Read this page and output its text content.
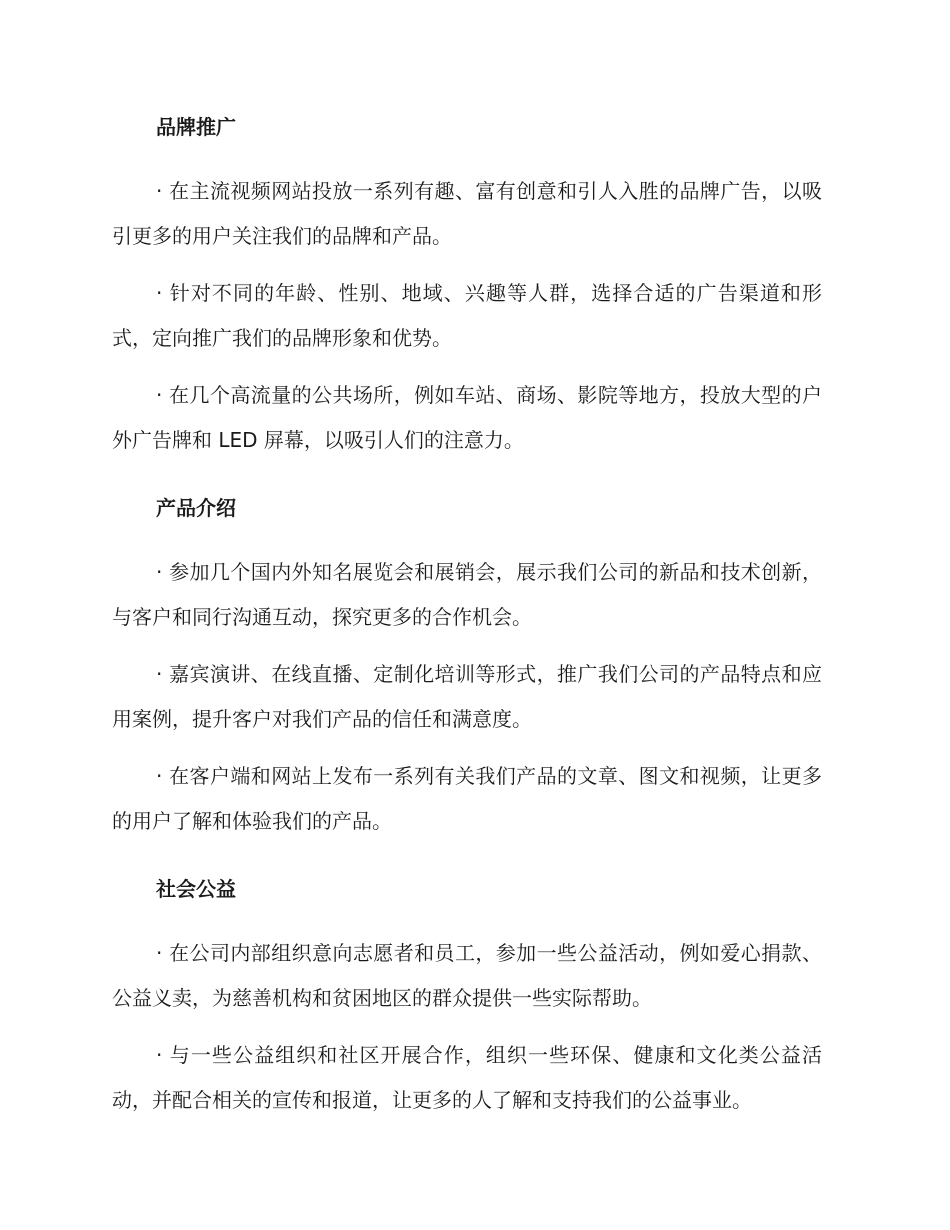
品牌推广

· 在主流视频网站投放一系列有趣、富有创意和引人入胜的品牌广告，以吸引更多的用户关注我们的品牌和产品。

· 针对不同的年龄、性别、地域、兴趣等人群，选择合适的广告渠道和形式，定向推广我们的品牌形象和优势。

· 在几个高流量的公共场所，例如车站、商场、影院等地方，投放大型的户外广告牌和 LED 屏幕，以吸引人们的注意力。

产品介绍

· 参加几个国内外知名展览会和展销会，展示我们公司的新品和技术创新，与客户和同行沟通互动，探究更多的合作机会。

· 嘉宾演讲、在线直播、定制化培训等形式，推广我们公司的产品特点和应用案例，提升客户对我们产品的信任和满意度。

· 在客户端和网站上发布一系列有关我们产品的文章、图文和视频，让更多的用户了解和体验我们的产品。

社会公益

· 在公司内部组织意向志愿者和员工，参加一些公益活动，例如爱心捐款、公益义卖，为慈善机构和贫困地区的群众提供一些实际帮助。

· 与一些公益组织和社区开展合作，组织一些环保、健康和文化类公益活动，并配合相关的宣传和报道，让更多的人了解和支持我们的公益事业。
